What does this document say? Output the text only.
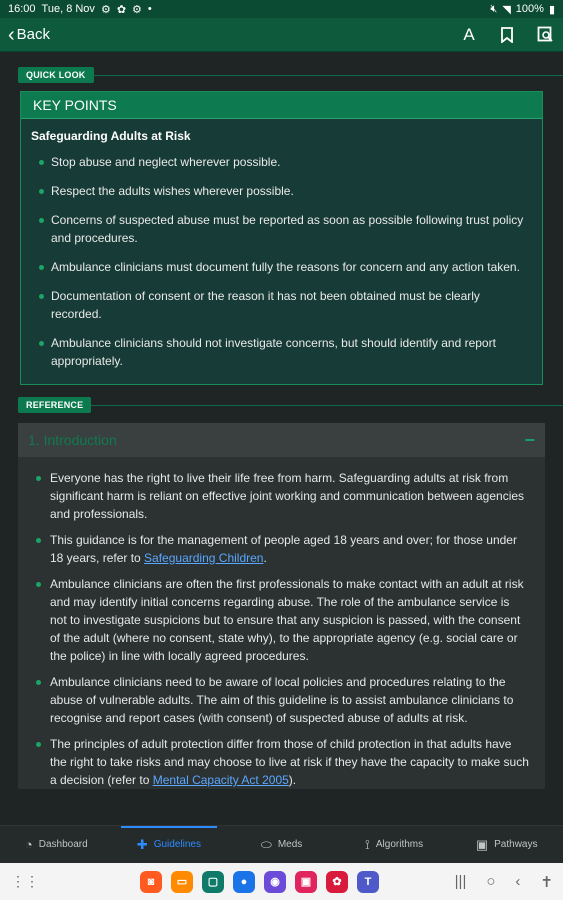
16:00 Tue, 8 Nov ⚙ ✿ ⚙ •	🔇︎ ◥ 100% ▮
‹ Back	A
QUICK LOOK
KEY POINTS
Safeguarding Adults at Risk
Stop abuse and neglect wherever possible.
Respect the adults wishes wherever possible.
Concerns of suspected abuse must be reported as soon as possible following trust policy and procedures.
Ambulance clinicians must document fully the reasons for concern and any action taken.
Documentation of consent or the reason it has not been obtained must be clearly recorded.
Ambulance clinicians should not investigate concerns, but should identify and report appropriately.
REFERENCE
1. Introduction	−
Everyone has the right to live their life free from harm. Safeguarding adults at risk from significant harm is reliant on effective joint working and communication between agencies and professionals.
This guidance is for the management of people aged 18 years and over; for those under 18 years, refer to Safeguarding Children.
Ambulance clinicians are often the first professionals to make contact with an adult at risk and may identify initial concerns regarding abuse. The role of the ambulance service is not to investigate suspicions but to ensure that any suspicion is passed, with the consent of the adult (where no consent, state why), to the appropriate agency (e.g. social care or the police) in line with locally agreed procedures.
Ambulance clinicians need to be aware of local policies and procedures relating to the abuse of vulnerable adults. The aim of this guideline is to assist ambulance clinicians to recognise and report cases (with consent) of suspected abuse of adults at risk.
The principles of adult protection differ from those of child protection in that adults have the right to take risks and may choose to live at risk if they have the capacity to make such a decision (refer to Mental Capacity Act 2005).
◔ Dashboard	✚ Guidelines	⬭ Meds	⟟ Algorithms	▣ Pathways
⋮⋮	◙	▭	▢	●	◉	▣	✿	T	||| ○ ‹ ✝
